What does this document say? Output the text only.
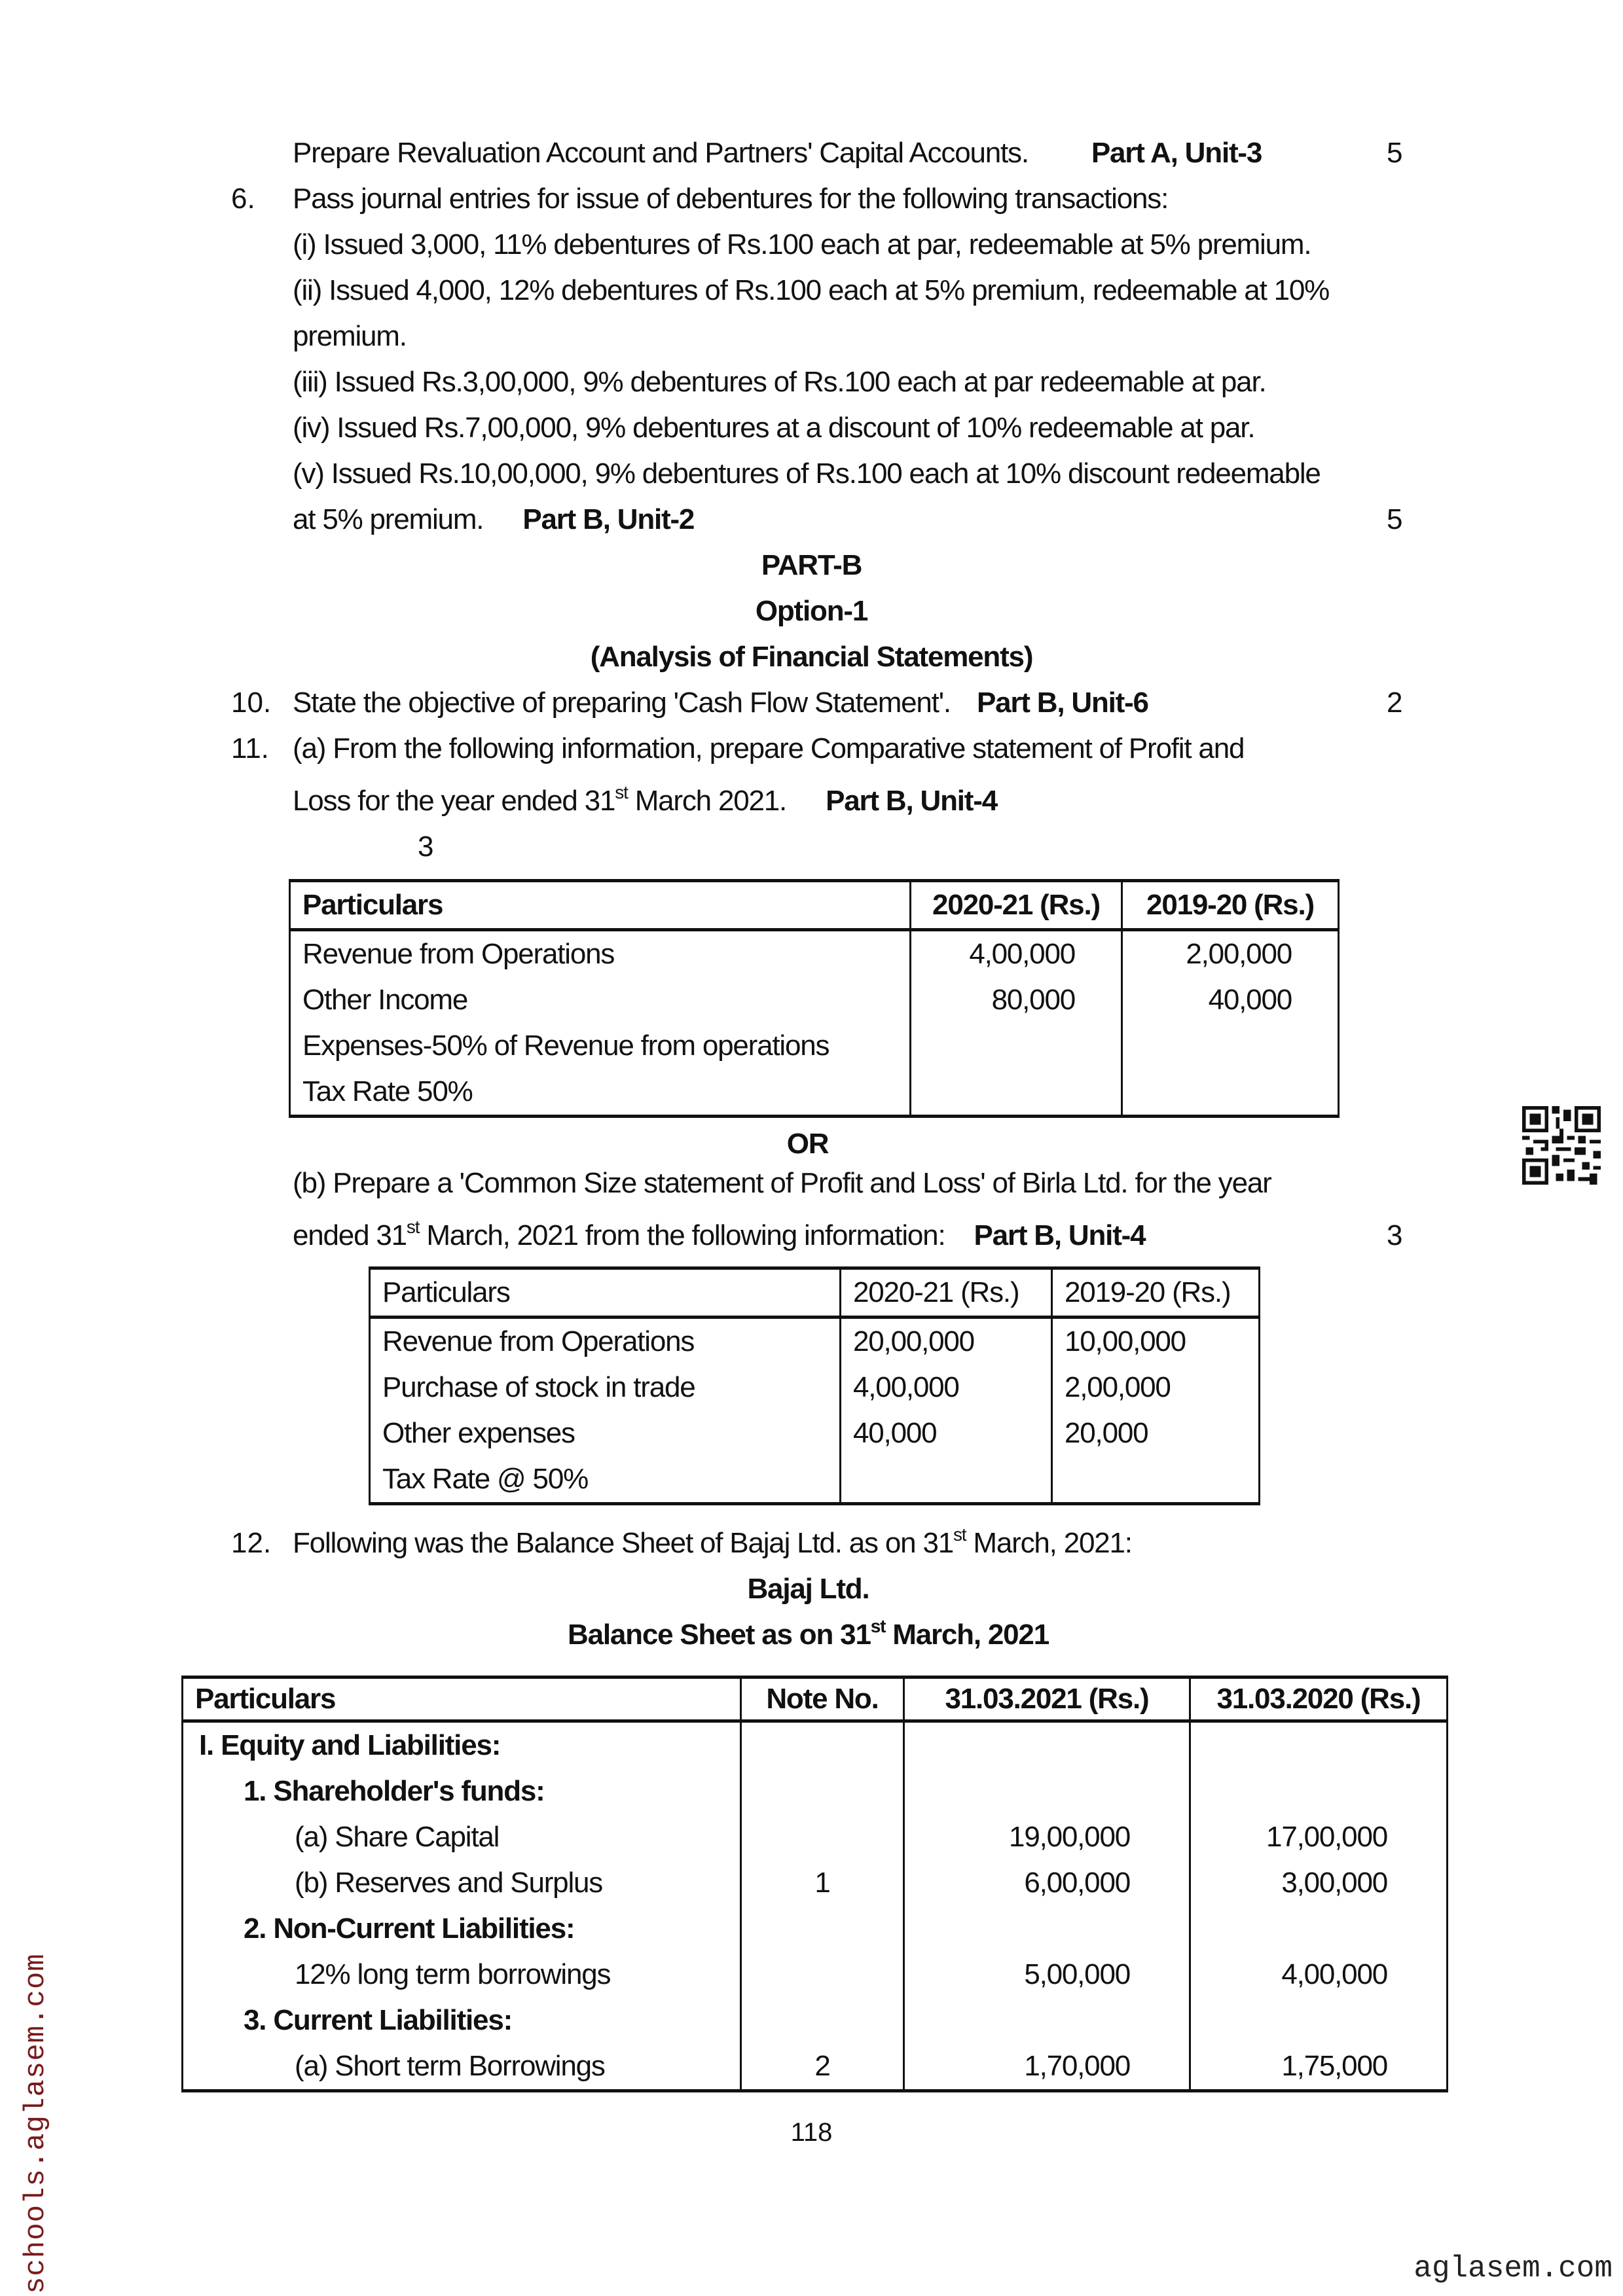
Prepare Revaluation Account and Partners' Capital Accounts. Part A, Unit-3	5
6. Pass journal entries for issue of debentures for the following transactions:
(i) Issued 3,000, 11% debentures of Rs.100 each at par, redeemable at 5% premium.
(ii) Issued 4,000, 12% debentures of Rs.100 each at 5% premium, redeemable at 10%
premium.
(iii) Issued Rs.3,00,000, 9% debentures of Rs.100 each at par redeemable at par.
(iv) Issued Rs.7,00,000, 9% debentures at a discount of 10% redeemable at par.
(v) Issued Rs.10,00,000, 9% debentures of Rs.100 each at 10% discount redeemable
at 5% premium. Part B, Unit-2	5
PART-B
Option-1
(Analysis of Financial Statements)
10. State the objective of preparing 'Cash Flow Statement'. Part B, Unit-6	2
11. (a) From the following information, prepare Comparative statement of Profit and
Loss for the year ended 31st March 2021. Part B, Unit-4
3
Particulars	2020-21 (Rs.)	2019-20 (Rs.)
Revenue from Operations	4,00,000	2,00,000
Other Income	80,000	40,000
Expenses-50% of Revenue from operations		
Tax Rate 50%		
OR
(b) Prepare a 'Common Size statement of Profit and Loss' of Birla Ltd. for the year
ended 31st March, 2021 from the following information: Part B, Unit-4	3
Particulars	2020-21 (Rs.)	2019-20 (Rs.)
Revenue from Operations	20,00,000	10,00,000
Purchase of stock in trade	4,00,000	2,00,000
Other expenses	40,000	20,000
Tax Rate @ 50%		
12. Following was the Balance Sheet of Bajaj Ltd. as on 31st March, 2021:
Bajaj Ltd.
Balance Sheet as on 31st March, 2021
Particulars	Note No.	31.03.2021 (Rs.)	31.03.2020 (Rs.)
I. Equity and Liabilities:			
1. Shareholder's funds:			
(a) Share Capital		19,00,000	17,00,000
(b) Reserves and Surplus	1	6,00,000	3,00,000
2. Non-Current Liabilities:			
12% long term borrowings		5,00,000	4,00,000
3. Current Liabilities:			
(a) Short term Borrowings	2	1,70,000	1,75,000
118
schools.aglasem.com	aglasem.com
